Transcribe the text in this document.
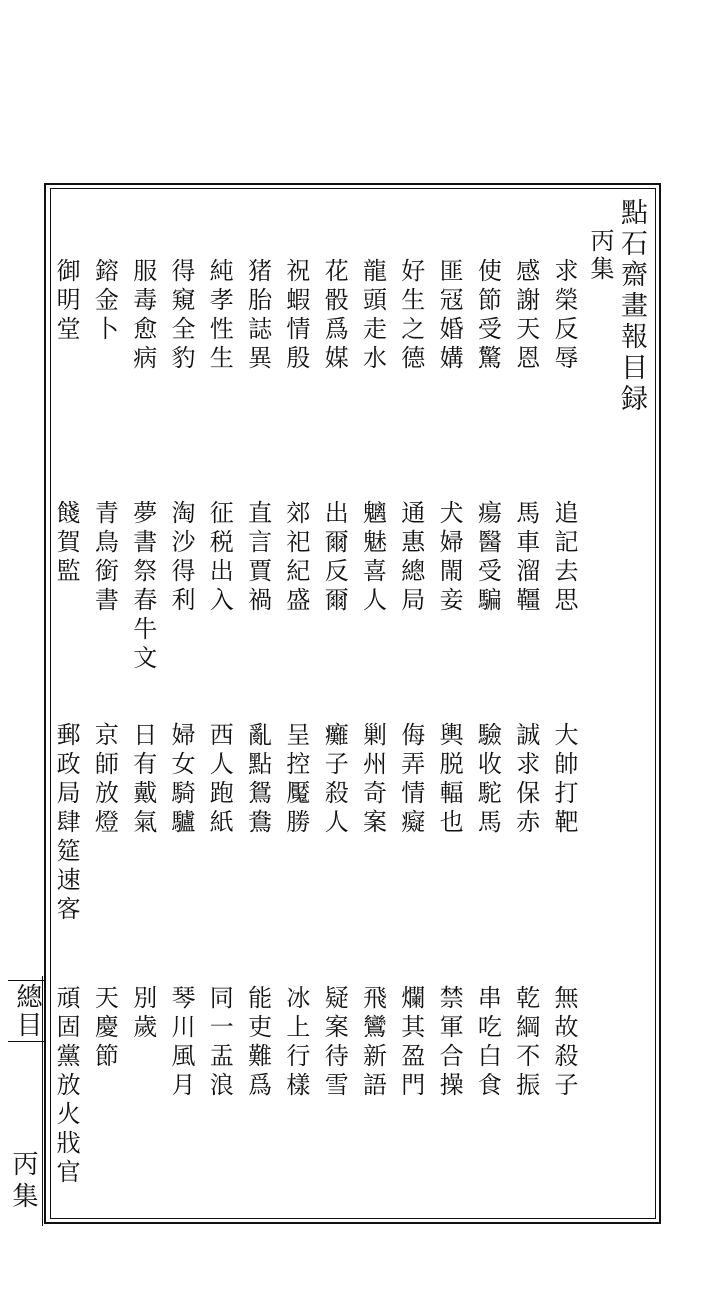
點石齋畫報目録
丙集
求榮反辱
追記去思
大帥打靶
無故殺子
感謝天恩
馬車溜韁
誠求保赤
乾綱不振
使節受驚
瘍醫受騙
驗收駝馬
串吃白食
匪冦婚媾
犬婦閙妾
輿脱輻也
禁軍合操
好生之德
通惠總局
侮弄情癡
爛其盈門
龍頭走水
魑魅喜人
剿州奇案
飛鸞新語
花骰爲媒
出爾反爾
癱子殺人
疑案待雪
祝蝦情殷
郊祀紀盛
呈控魘勝
冰上行樣
猪胎誌異
直言賈禍
亂點鴛鴦
能吏難爲
純孝性生
征税出入
西人跑紙
同一盂浪
得窺全豹
淘沙得利
婦女騎驢
琴川風月
服毒愈病
夢書祭春牛文
日有戴氣
別歲
鎔金卜
青鳥銜書
京師放燈
天慶節
御明堂
餞賀監
郵政局肆筵速客
頑固黨放火戕官
總目
丙集
